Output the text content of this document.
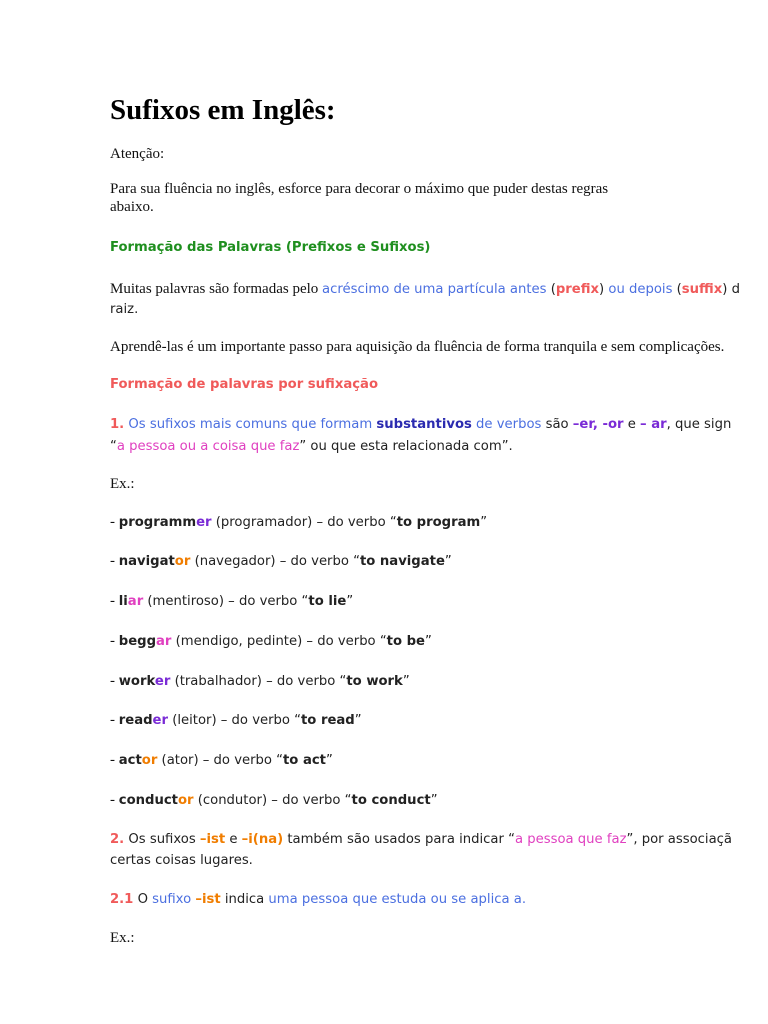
Sufixos em Inglês:
Atenção:
Para sua fluência no inglês, esforce para decorar o máximo que puder destas regras
abaixo.
Formação das Palavras (Prefixos e Sufixos)
Muitas palavras são formadas pelo acréscimo de uma partícula antes (prefix) ou depois (suffix) d
raiz.
Aprendê-las é um importante passo para aquisição da fluência de forma tranquila e sem complicações.
Formação de palavras por sufixação
1. Os sufixos mais comuns que formam substantivos de verbos são –er, -or e – ar, que sign
“a pessoa ou a coisa que faz” ou que esta relacionada com”.
Ex.:
- programmer (programador) – do verbo “to program”
- navigator (navegador) – do verbo “to navigate”
- liar (mentiroso) – do verbo “to lie”
- beggar (mendigo, pedinte) – do verbo “to be”
- worker (trabalhador) – do verbo “to work”
- reader (leitor) – do verbo “to read”
- actor (ator) – do verbo “to act”
- conductor (condutor) – do verbo “to conduct”
2. Os sufixos –ist e –i(na) também são usados para indicar “a pessoa que faz”, por associaçã
certas coisas lugares.
2.1 O sufixo –ist indica uma pessoa que estuda ou se aplica a.
Ex.:
